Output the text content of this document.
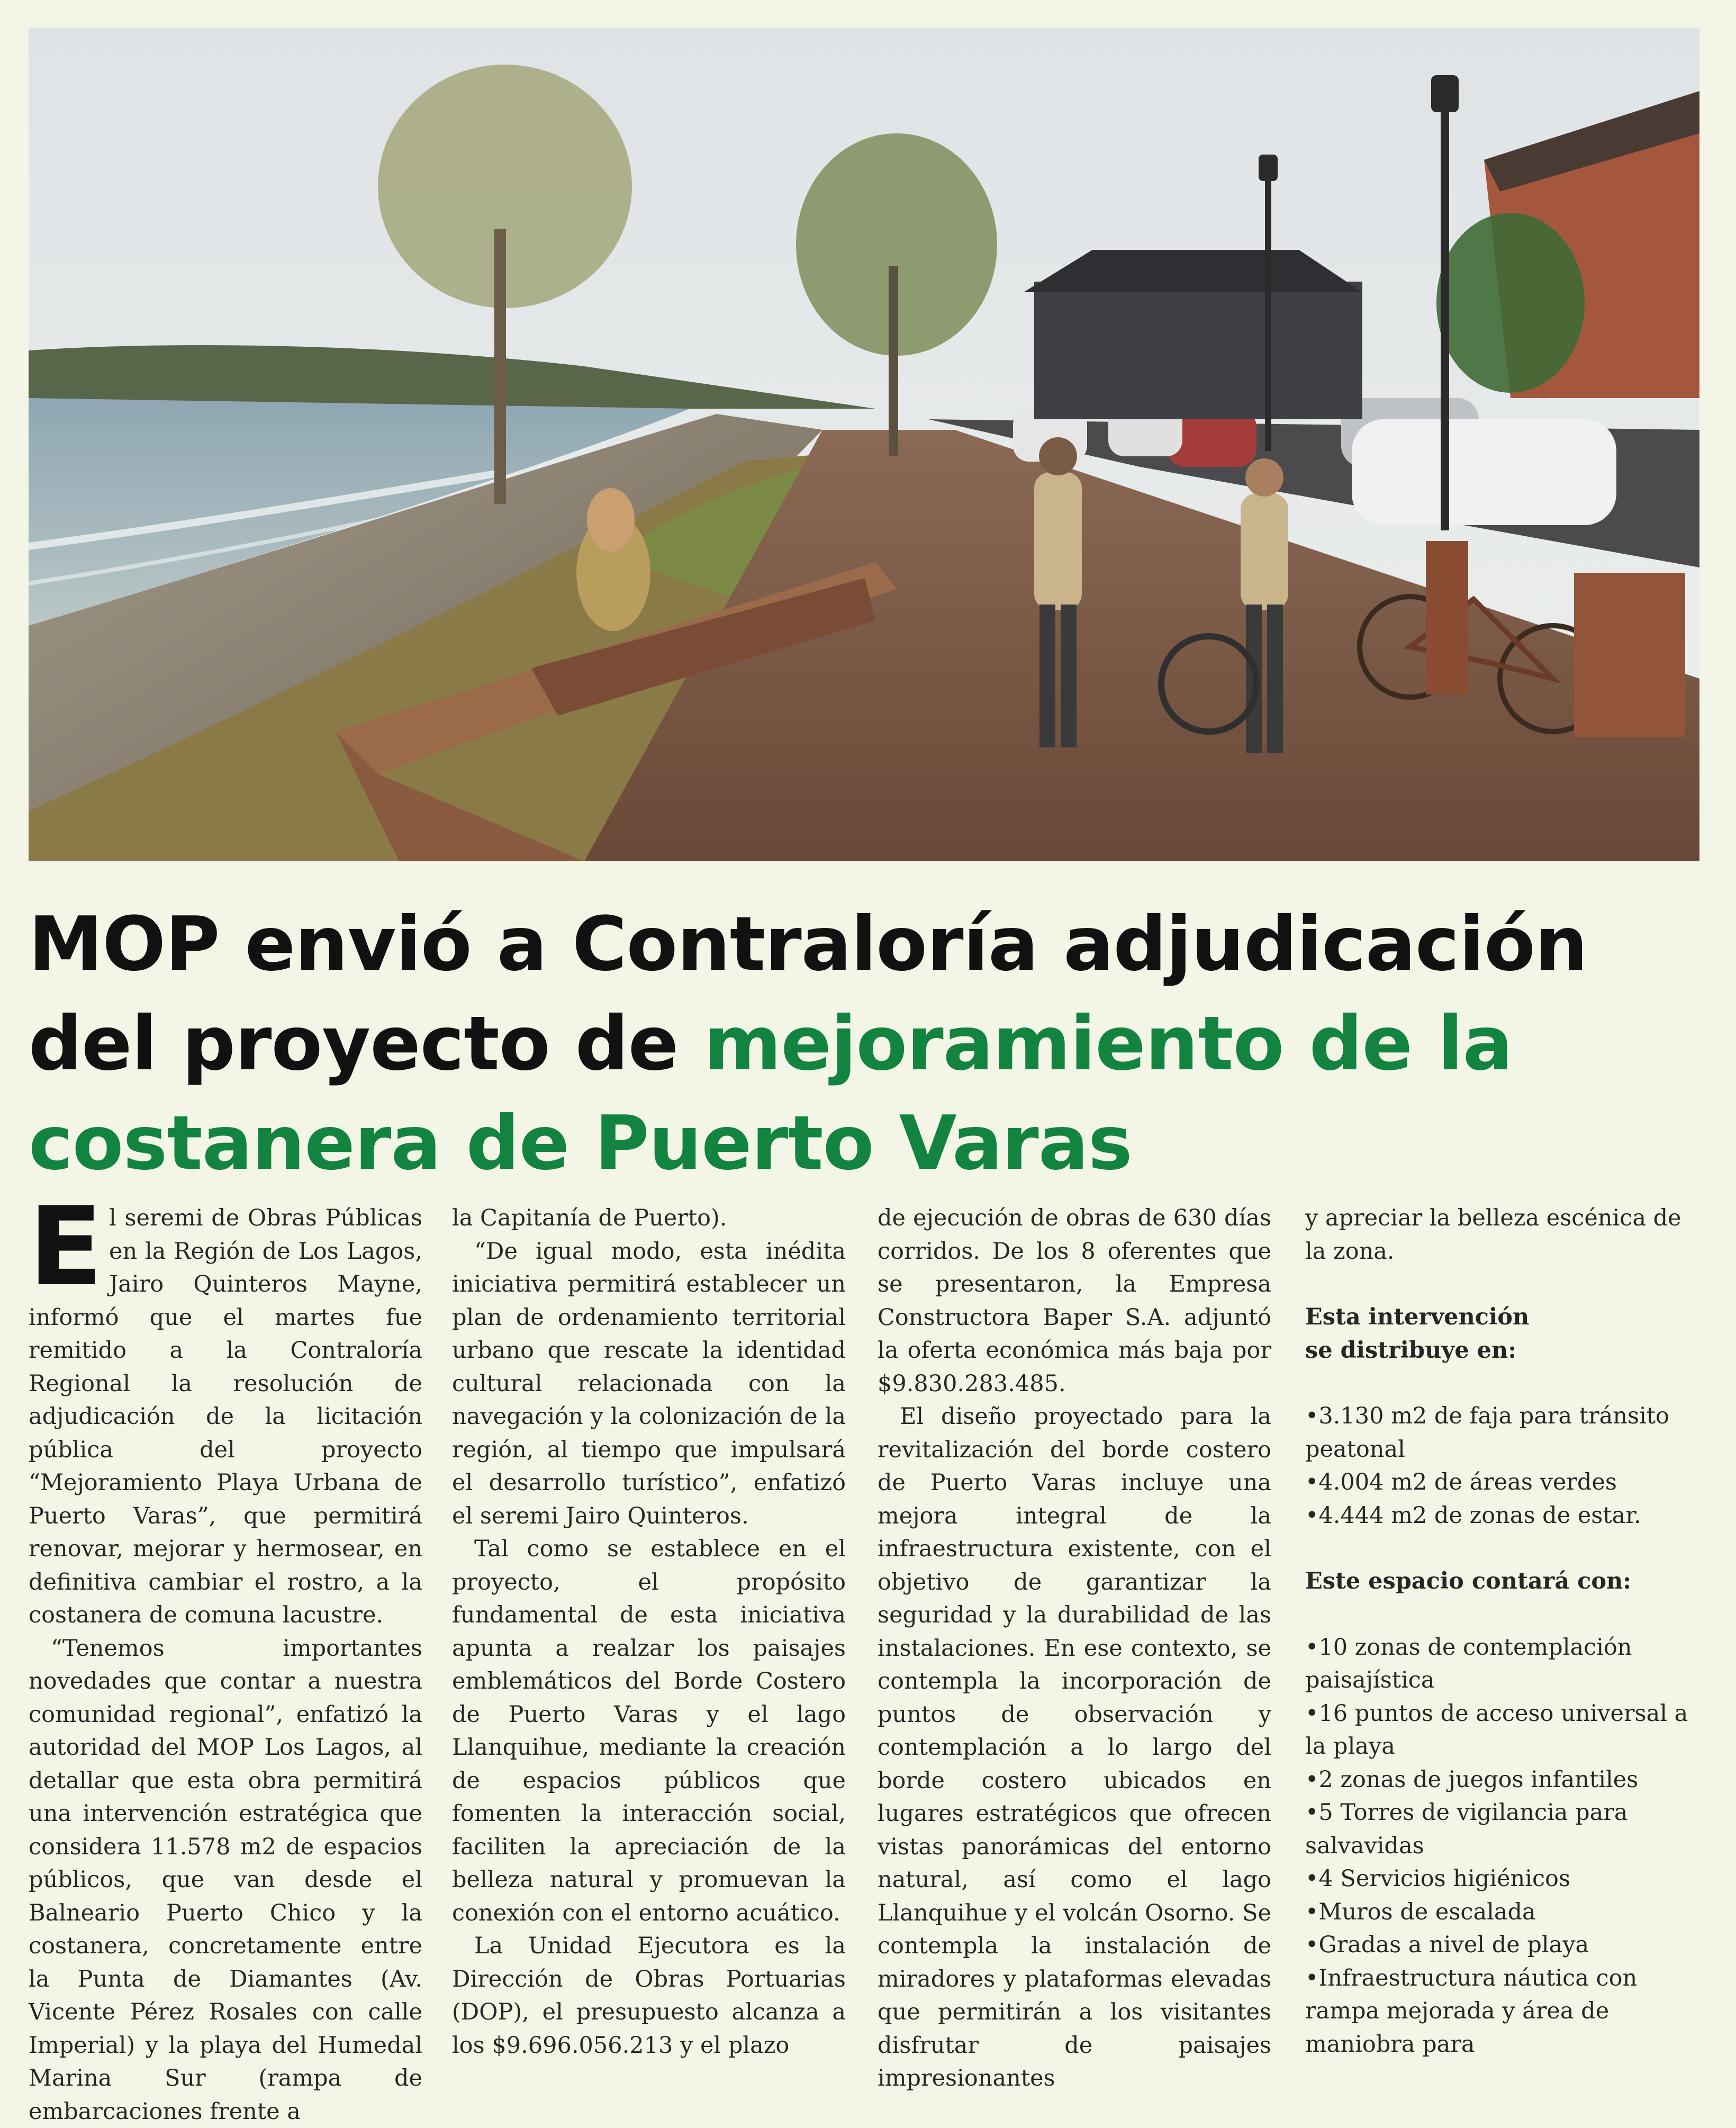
MOP envió a Contraloría adjudicación del proyecto de mejoramiento de la costanera de Puerto Varas

El seremi de Obras Públicas en la Región de Los Lagos, Jairo Quinteros Mayne, informó que el martes fue remitido a la Contraloría Regional la resolución de adjudicación de la licitación pública del proyecto “Mejoramiento Playa Urbana de Puerto Varas”, que permitirá renovar, mejorar y hermosear, en definitiva cambiar el rostro, a la costanera de comuna lacustre.

“Tenemos importantes novedades que contar a nuestra comunidad regional”, enfatizó la autoridad del MOP Los Lagos, al detallar que esta obra permitirá una intervención estratégica que considera 11.578 m2 de espacios públicos, que van desde el Balneario Puerto Chico y la costanera, concretamente entre la Punta de Diamantes (Av. Vicente Pérez Rosales con calle Imperial) y la playa del Humedal Marina Sur (rampa de embarcaciones frente a

la Capitanía de Puerto).

“De igual modo, esta inédita iniciativa permitirá establecer un plan de ordenamiento territorial urbano que rescate la identidad cultural relacionada con la navegación y la colonización de la región, al tiempo que impulsará el desarrollo turístico”, enfatizó el seremi Jairo Quinteros.

Tal como se establece en el proyecto, el propósito fundamental de esta iniciativa apunta a realzar los paisajes emblemáticos del Borde Costero de Puerto Varas y el lago Llanquihue, mediante la creación de espacios públicos que fomenten la interacción social, faciliten la apreciación de la belleza natural y promuevan la conexión con el entorno acuático.

La Unidad Ejecutora es la Dirección de Obras Portuarias (DOP), el presupuesto alcanza a los $9.696.056.213 y el plazo

de ejecución de obras de 630 días corridos. De los 8 oferentes que se presentaron, la Empresa Constructora Baper S.A. adjuntó la oferta económica más baja por $9.830.283.485.

El diseño proyectado para la revitalización del borde costero de Puerto Varas incluye una mejora integral de la infraestructura existente, con el objetivo de garantizar la seguridad y la durabilidad de las instalaciones. En ese contexto, se contempla la incorporación de puntos de observación y contemplación a lo largo del borde costero ubicados en lugares estratégicos que ofrecen vistas panorámicas del entorno natural, así como el lago Llanquihue y el volcán Osorno. Se contempla la instalación de miradores y plataformas elevadas que permitirán a los visitantes disfrutar de paisajes impresionantes

y apreciar la belleza escénica de la zona.

Esta intervención
se distribuye en:
•3.130 m2 de faja para tránsito peatonal
•4.004 m2 de áreas verdes
•4.444 m2 de zonas de estar.
Este espacio contará con:
•10 zonas de contemplación paisajística
•16 puntos de acceso universal a la playa
•2 zonas de juegos infantiles
•5 Torres de vigilancia para salvavidas
•4 Servicios higiénicos
•Muros de escalada
•Gradas a nivel de playa
•Infraestructura náutica con rampa mejorada y área de maniobra para
